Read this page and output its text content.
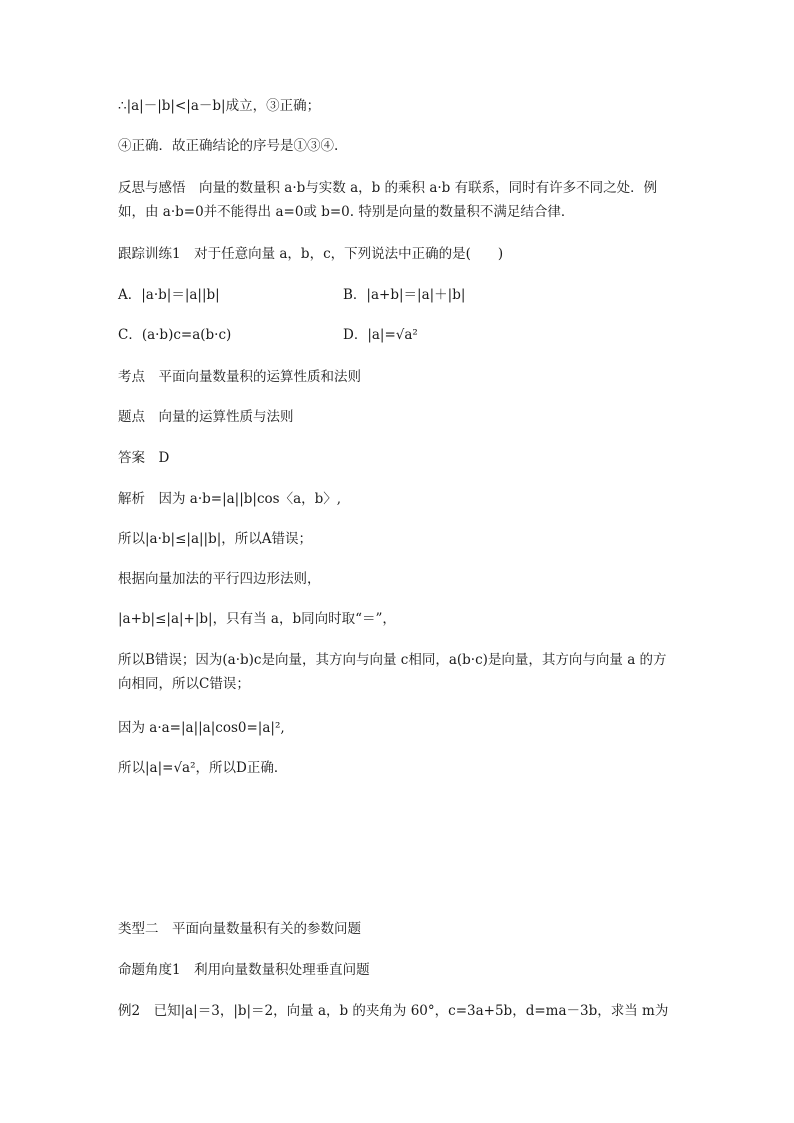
∴|a|－|b|<|a－b|成立，③正确；
④正确．故正确结论的序号是①③④.
反思与感悟　向量的数量积 a·b与实数 a，b 的乘积 a·b 有联系，同时有许多不同之处．例如，由 a·b=0并不能得出 a=0或 b=0. 特别是向量的数量积不满足结合律．
跟踪训练1　对于任意向量 a，b，c，下列说法中正确的是(　　)
A．|a·b|＝|a||b|	B．|a+b|＝|a|＋|b|
C．(a·b)c=a(b·c)	D．|a|=√a²
考点　平面向量数量积的运算性质和法则
题点　向量的运算性质与法则
答案　D
解析　因为 a·b=|a||b|cos〈a，b〉,
所以|a·b|≤|a||b|，所以A错误；
根据向量加法的平行四边形法则，
|a+b|≤|a|+|b|，只有当 a，b同向时取“＝”，
所以B错误；因为(a·b)c是向量，其方向与向量 c相同，a(b·c)是向量，其方向与向量 a 的方向相同，所以C错误；
因为 a·a=|a||a|cos0=|a|²,
所以|a|=√a²，所以D正确．
类型二　平面向量数量积有关的参数问题
命题角度1　利用向量数量积处理垂直问题
例2　已知|a|＝3，|b|＝2，向量 a，b 的夹角为 60°，c=3a+5b，d=ma－3b，求当 m为
